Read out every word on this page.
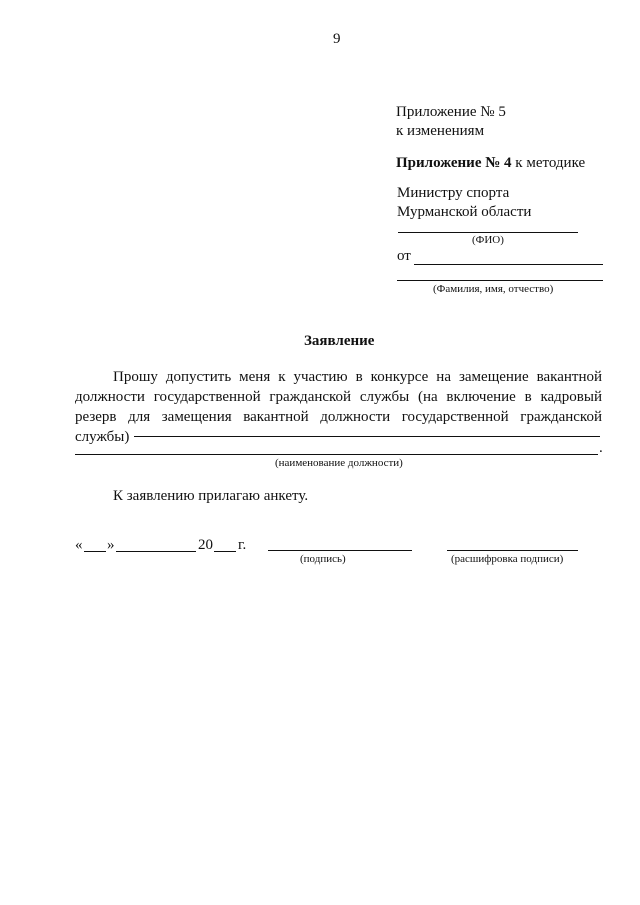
9
Приложение № 5
к изменениям
Приложение № 4 к методике
Министру спорта
Мурманской области
(ФИО)
от
(Фамилия, имя, отчество)
Заявление

Прошу допустить меня к участию в конкурсе на замещение вакантной должности государственной гражданской службы (на включение в кадровый резерв для замещения вакантной должности государственной гражданской службы)

.
(наименование должности)
К заявлению прилагаю анкету.
« »	20 г.
(подпись)	(расшифровка подписи)
